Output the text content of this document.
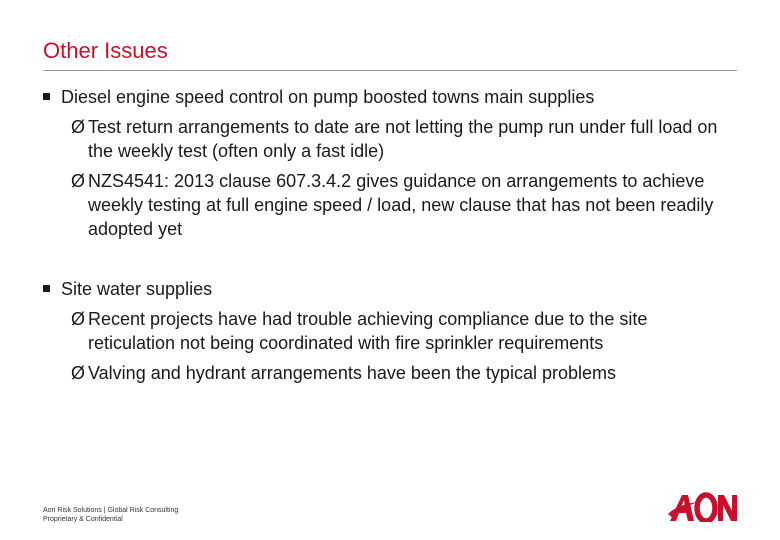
Other Issues
Diesel engine speed control on pump boosted towns main supplies
Ø Test return arrangements to date are not letting the pump run under full load on the weekly test (often only a fast idle)
Ø NZS4541: 2013 clause 607.3.4.2 gives guidance on arrangements to achieve weekly testing at full engine speed / load, new clause that has not been readily adopted yet
Site water supplies
Ø Recent projects have had trouble achieving compliance due to the site reticulation not being coordinated with fire sprinkler requirements
Ø Valving and hydrant arrangements have been the typical problems
Aon Risk Solutions | Global Risk Consulting
Proprietary & Confidential
